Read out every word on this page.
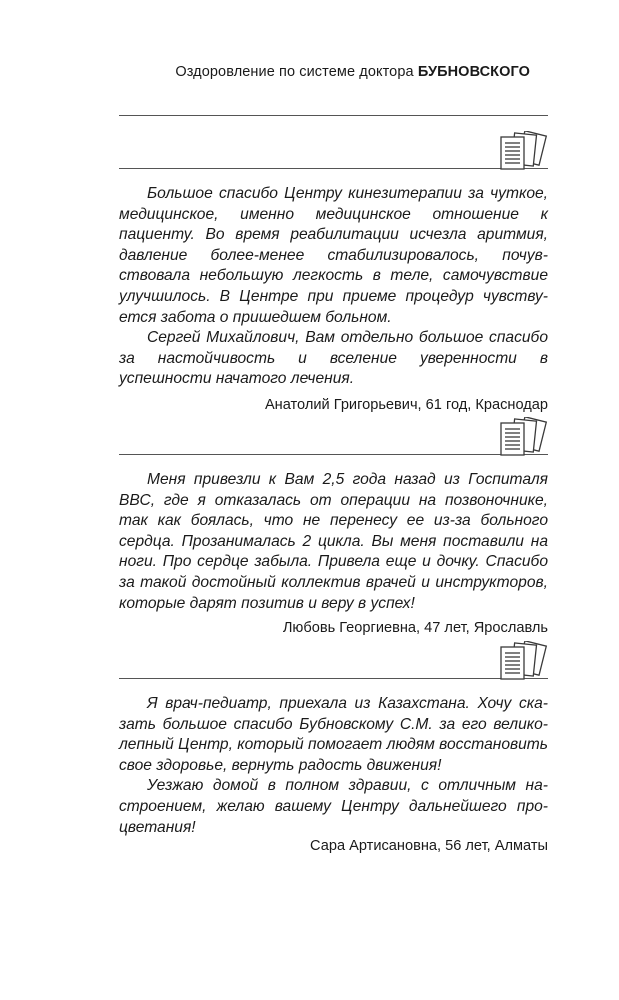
Оздоровление по системе доктора БУБНОВСКОГО

Большое спасибо Центру кинезитерапии за чуткое, медицинское, именно медицинское отношение к пациенту. Во время реабилитации исчезла аритмия, давление более-менее стабилизировалось, почувствовала небольшую легкость в теле, самочувствие улучшилось. В Центре при приеме процедур чувствуется забота о пришедшем больном.

Сергей Михайлович, Вам отдельно большое спасибо за настойчивость и вселение уверенности в успешности начатого лечения.

Анатолий Григорьевич, 61 год, Краснодар

Меня привезли к Вам 2,5 года назад из Госпиталя ВВС, где я отказалась от операции на позвоночнике, так как боялась, что не перенесу ее из-за больного сердца. Прозанималась 2 цикла. Вы меня поставили на ноги. Про сердце забыла. Привела еще и дочку. Спасибо за такой достойный коллектив врачей и инструкторов, которые дарят позитив и веру в успех!

Любовь Георгиевна, 47 лет, Ярославль

Я врач-педиатр, приехала из Казахстана. Хочу сказать большое спасибо Бубновскому С.М. за его великолепный Центр, который помогает людям восстановить свое здоровье, вернуть радость движения!

Уезжаю домой в полном здравии, с отличным настроением, желаю вашему Центру дальнейшего процветания!

Сара Артисановна, 56 лет, Алматы
